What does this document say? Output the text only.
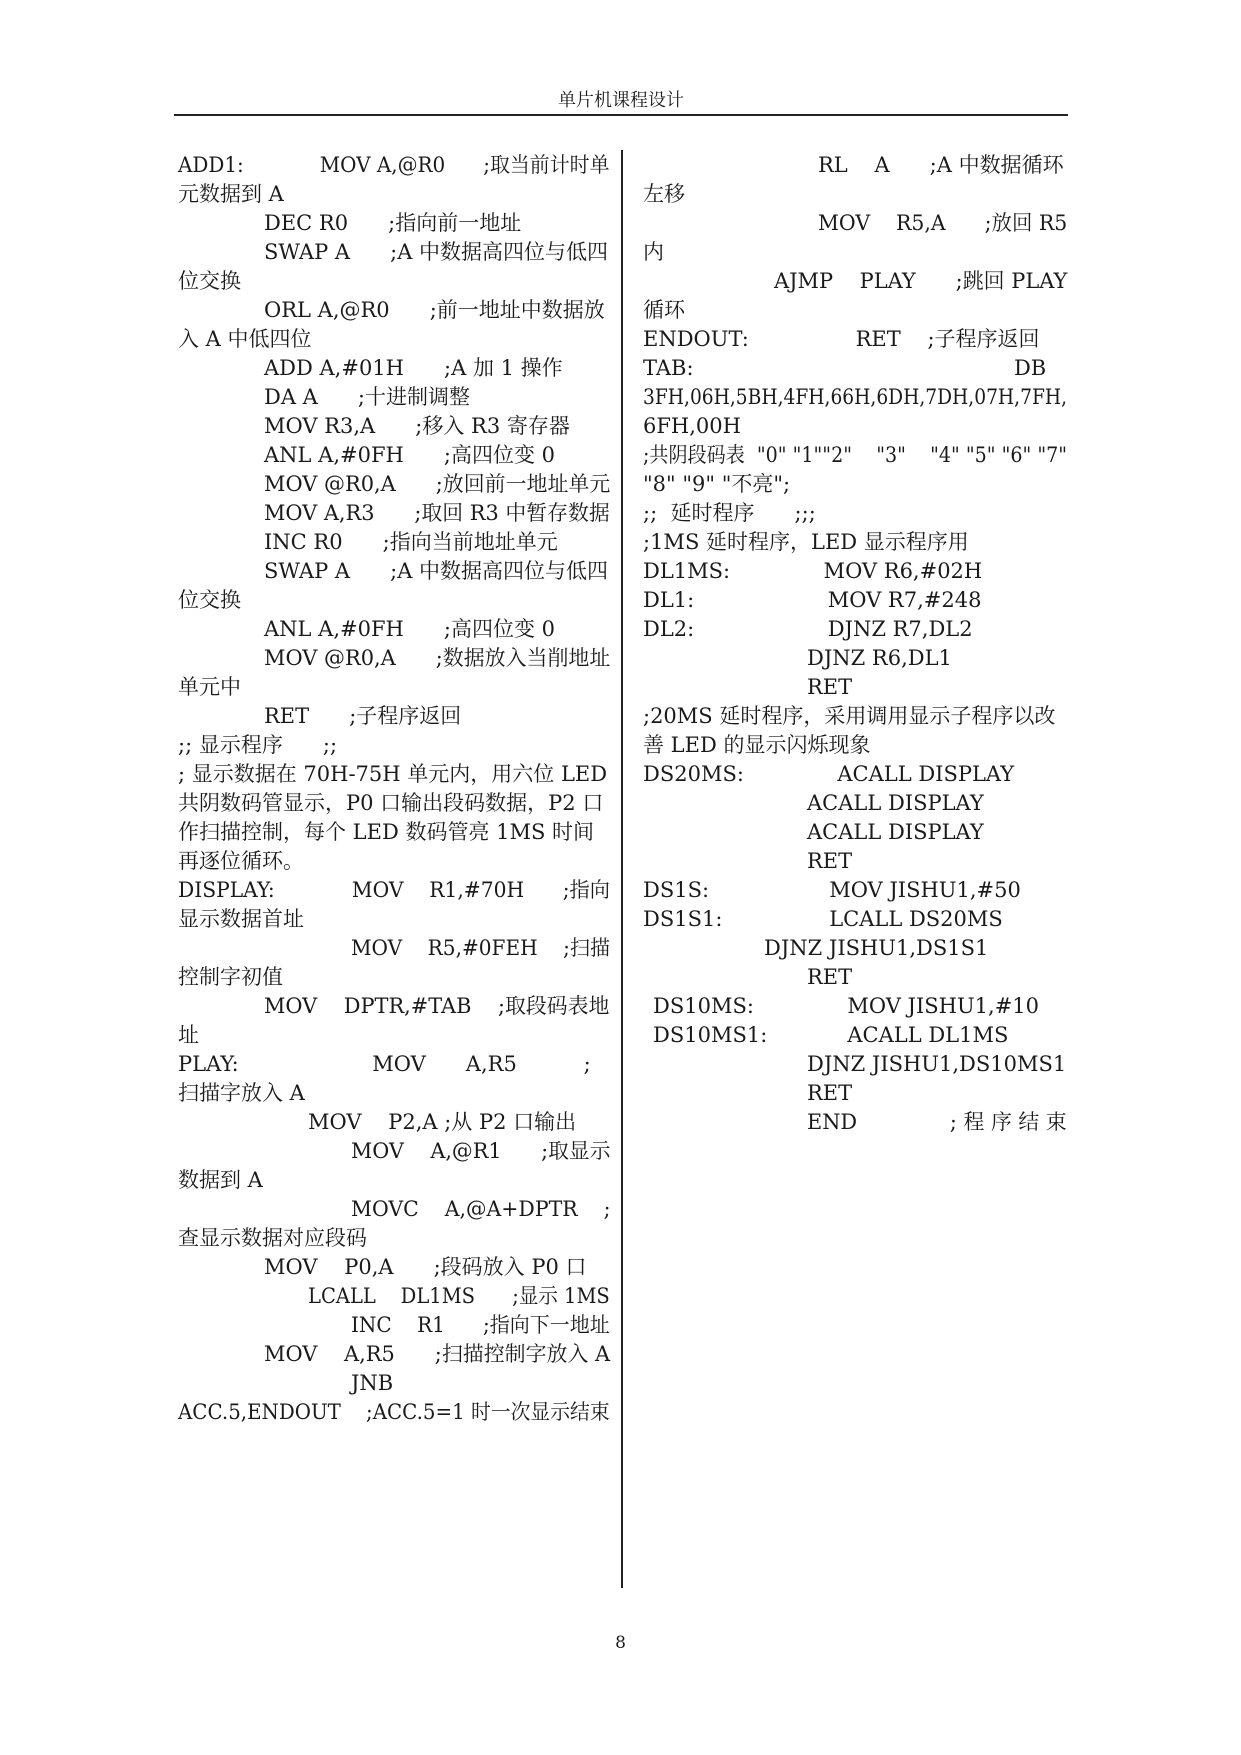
单片机课程设计
ADD1:            MOV A,@R0      ;取当前计时单
元数据到 A
DEC R0      ;指向前一地址
SWAP A      ;A 中数据高四位与低四
位交换
ORL A,@R0      ;前一地址中数据放
入 A 中低四位
ADD A,#01H      ;A 加 1 操作
DA A      ;十进制调整
MOV R3,A      ;移入 R3 寄存器
ANL A,#0FH      ;高四位变 0
MOV @R0,A      ;放回前一地址单元
MOV A,R3      ;取回 R3 中暂存数据
INC R0      ;指向当前地址单元
SWAP A      ;A 中数据高四位与低四
位交换
ANL A,#0FH      ;高四位变 0
MOV @R0,A      ;数据放入当削地址
单元中
RET      ;子程序返回
;; 显示程序      ;;
; 显示数据在 70H-75H 单元内，用六位 LED
共阴数码管显示，P0 口输出段码数据，P2 口
作扫描控制，每个 LED 数码管亮 1MS 时间
再逐位循环。
DISPLAY:            MOV    R1,#70H      ;指向
显示数据首址
MOV    R5,#0FEH    ;扫描
控制字初值
MOV    DPTR,#TAB    ;取段码表地
址
PLAY:                    MOV      A,R5          ;
扫描字放入 A
MOV    P2,A ;从 P2 口输出
MOV    A,@R1      ;取显示
数据到 A
MOVC    A,@A+DPTR    ;
查显示数据对应段码
MOV    P0,A      ;段码放入 P0 口
LCALL    DL1MS      ;显示 1MS
INC    R1      ;指向下一地址
MOV    A,R5      ;扫描控制字放入 A
JNB
ACC.5,ENDOUT    ;ACC.5=1 时一次显示结束
RL    A      ;A 中数据循环
左移
MOV    R5,A      ;放回 R5
内
AJMP    PLAY      ;跳回 PLAY
循环
ENDOUT:                RET    ;子程序返回
TAB:                                                DB
3FH,06H,5BH,4FH,66H,6DH,7DH,07H,7FH,
6FH,00H
;共阴段码表  "0" "1""2"    "3"    "4" "5" "6" "7"
"8" "9" "不亮";
;;  延时程序      ;;;
;1MS 延时程序，LED 显示程序用
DL1MS:              MOV R6,#02H
DL1:                    MOV R7,#248
DL2:                    DJNZ R7,DL2
DJNZ R6,DL1
RET
;20MS 延时程序，采用调用显示子程序以改
善 LED 的显示闪烁现象
DS20MS:              ACALL DISPLAY
ACALL DISPLAY
ACALL DISPLAY
RET
DS1S:                  MOV JISHU1,#50
DS1S1:                LCALL DS20MS
DJNZ JISHU1,DS1S1
RET
DS10MS:              MOV JISHU1,#10
DS10MS1:            ACALL DL1MS
DJNZ JISHU1,DS10MS1
RET
END              ; 程 序 结 束
8
